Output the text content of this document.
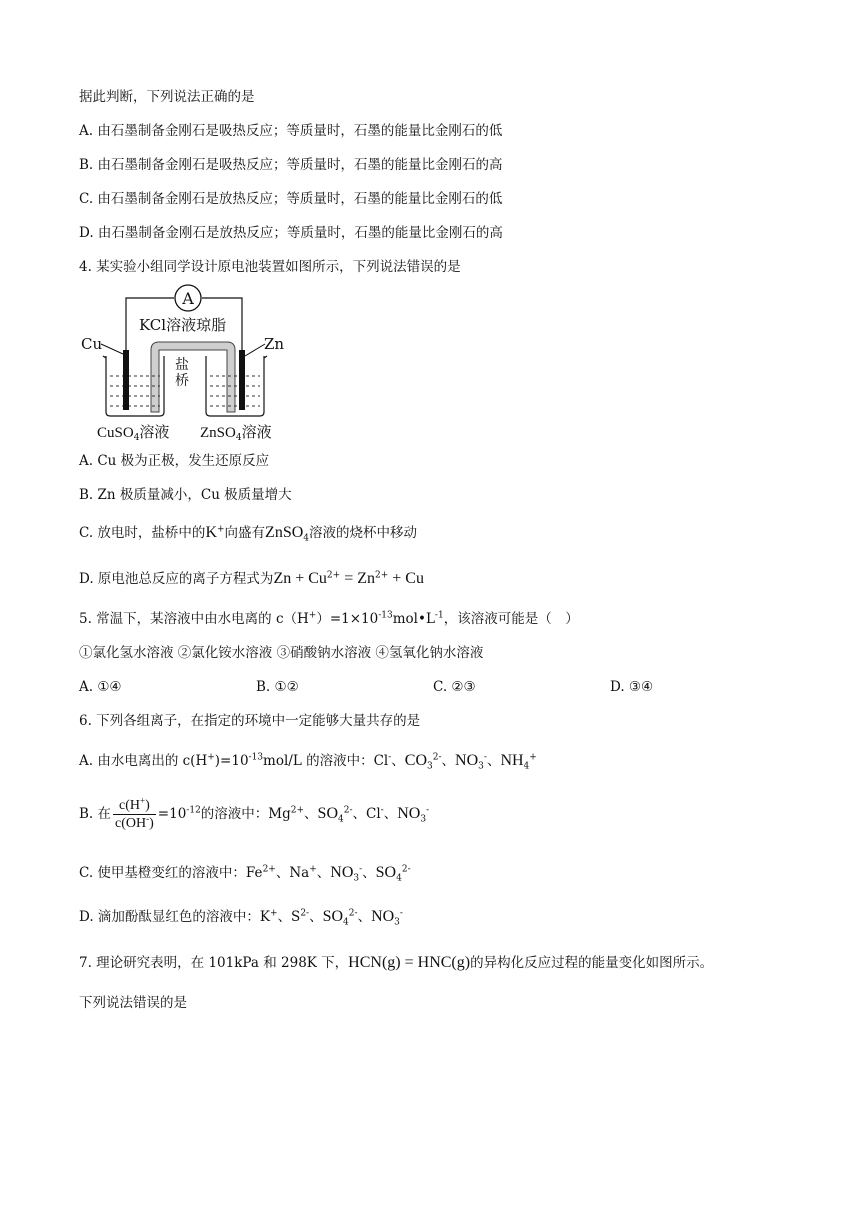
据此判断，下列说法正确的是
A. 由石墨制备金刚石是吸热反应；等质量时，石墨的能量比金刚石的低
B. 由石墨制备金刚石是吸热反应；等质量时，石墨的能量比金刚石的高
C. 由石墨制备金刚石是放热反应；等质量时，石墨的能量比金刚石的低
D. 由石墨制备金刚石是放热反应；等质量时，石墨的能量比金刚石的高
4. 某实验小组同学设计原电池装置如图所示，下列说法错误的是
A
KCl溶液琼脂
盐
桥
Cu	Zn
CuSO$_4$溶液 ZnSO$_4$溶液
A. Cu 极为正极，发生还原反应
B. Zn 极质量减小，Cu 极质量增大
C. 放电时，盐桥中的K+向盛有ZnSO$_4$溶液的烧杯中移动
D. 原电池总反应的离子方程式为$Zn + Cu^{2+} = Zn^{2+} + Cu$
5. 常温下，某溶液中由水电离的 $c(H^+)=1\times 10^{-13}mol•L^{-1}$，该溶液可能是（　）
①氯化氢水溶液 ②氯化铵水溶液 ③硝酸钠水溶液 ④氢氧化钠水溶液
A. ①④	B. ①②	C. ②③	D. ③④
6. 下列各组离子，在指定的环境中一定能够大量共存的是
A. 由水电离出的 $c(H^+)=10^{-13}mol/L$ 的溶液中：Cl-、$CO_3^{2-}$、$NO_3^-$、$NH_4^+$
B. 在 $\frac{c(H^+)}{c(OH^-)} =10^{-12}$的溶液中：$Mg^{2+}$、$SO_4^{2-}$、Cl-、$NO_3^-$
C. 使甲基橙变红的溶液中：$Fe^{2+}$、Na+、$NO_3^-$、$SO_4^{2-}$
D. 滴加酚酞显红色的溶液中：K+、$S^{2-}$、$SO_4^{2-}$、$NO_3^-$
7. 理论研究表明，在 101kPa 和 298K 下，HCN(g) = HNC(g)的异构化反应过程的能量变化如图所示。
下列说法错误的是
